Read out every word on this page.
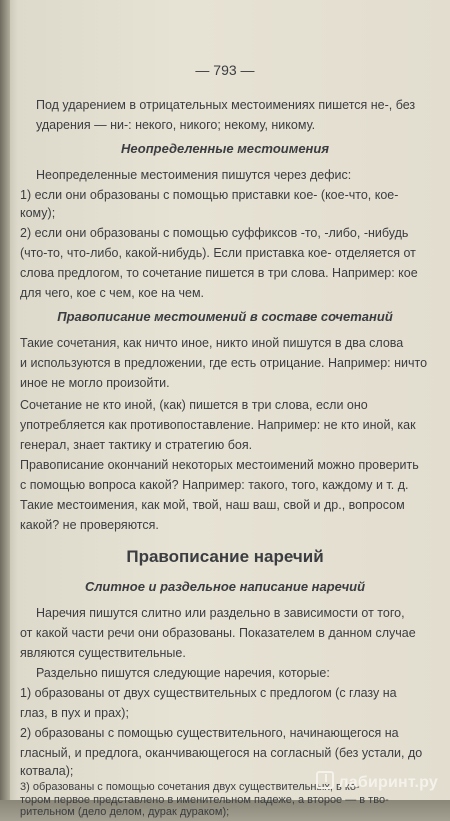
— 793 —
Под ударением в отрицательных местоимениях пишется не-, без
ударения — ни-: некого, никого; некому, никому.
Неопределенные местоимения
Неопределенные местоимения пишутся через дефис:
1) если они образованы с помощью приставки кое- (кое-что, кое-
кому);
2) если они образованы с помощью суффиксов -то, -либо, -нибудь
(что-то, что-либо, какой-нибудь). Если приставка кое- отделяется от
слова предлогом, то сочетание пишется в три слова. Например: кое
для чего, кое с чем, кое на чем.
Правописание местоимений в составе сочетаний
Такие сочетания, как ничто иное, никто иной пишутся в два слова
и используются в предложении, где есть отрицание. Например: ничто
иное не могло произойти.
Сочетание не кто иной, (как) пишется в три слова, если оно
употребляется как противопоставление. Например: не кто иной, как
генерал, знает тактику и стратегию боя.
Правописание окончаний некоторых местоимений можно проверить
с помощью вопроса какой? Например: такого, того, каждому и т. д.
Такие местоимения, как мой, твой, наш ваш, свой и др., вопросом
какой? не проверяются.
Правописание наречий
Слитное и раздельное написание наречий
Наречия пишутся слитно или раздельно в зависимости от того,
от какой части речи они образованы. Показателем в данном случае
являются существительные.
Раздельно пишутся следующие наречия, которые:
1) образованы от двух существительных с предлогом (с глазу на
глаз, в пух и прах);
2) образованы с помощью существительного, начинающегося на
гласный, и предлога, оканчивающегося на согласный (без устали, до
котвала);
3) образованы с помощью сочетания двух существительных, в ко-
тором первое представлено в именительном падеже, а второе — в тво-
рительном (дело делом, дурак дураком);
лабиринт.ру
